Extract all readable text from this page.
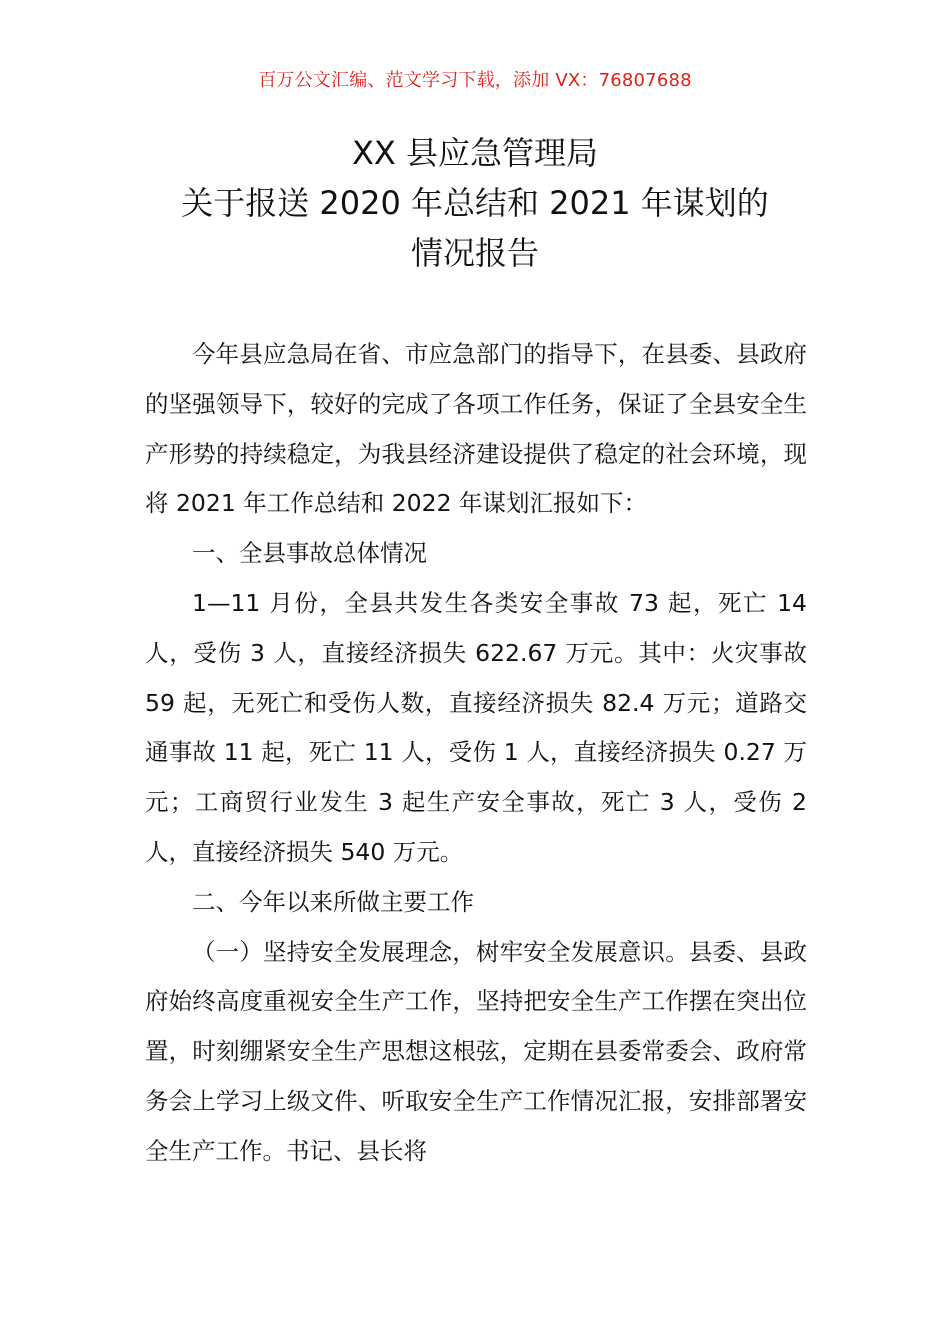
百万公文汇编、范文学习下载，添加 VX：76807688
XX 县应急管理局
关于报送 2020 年总结和 2021 年谋划的
情况报告

今年县应急局在省、市应急部门的指导下，在县委、县政府的坚强领导下，较好的完成了各项工作任务，保证了全县安全生产形势的持续稳定，为我县经济建设提供了稳定的社会环境，现将 2021 年工作总结和 2022 年谋划汇报如下：

一、全县事故总体情况

1—11 月份，全县共发生各类安全事故 73 起，死亡 14 人，受伤 3 人，直接经济损失 622.67 万元。其中：火灾事故 59 起，无死亡和受伤人数，直接经济损失 82.4 万元；道路交通事故 11 起，死亡 11 人，受伤 1 人，直接经济损失 0.27 万元；工商贸行业发生 3 起生产安全事故，死亡 3 人，受伤 2 人，直接经济损失 540 万元。

二、今年以来所做主要工作

（一）坚持安全发展理念，树牢安全发展意识。县委、县政府始终高度重视安全生产工作，坚持把安全生产工作摆在突出位置，时刻绷紧安全生产思想这根弦，定期在县委常委会、政府常务会上学习上级文件、听取安全生产工作情况汇报，安排部署安全生产工作。书记、县长将
